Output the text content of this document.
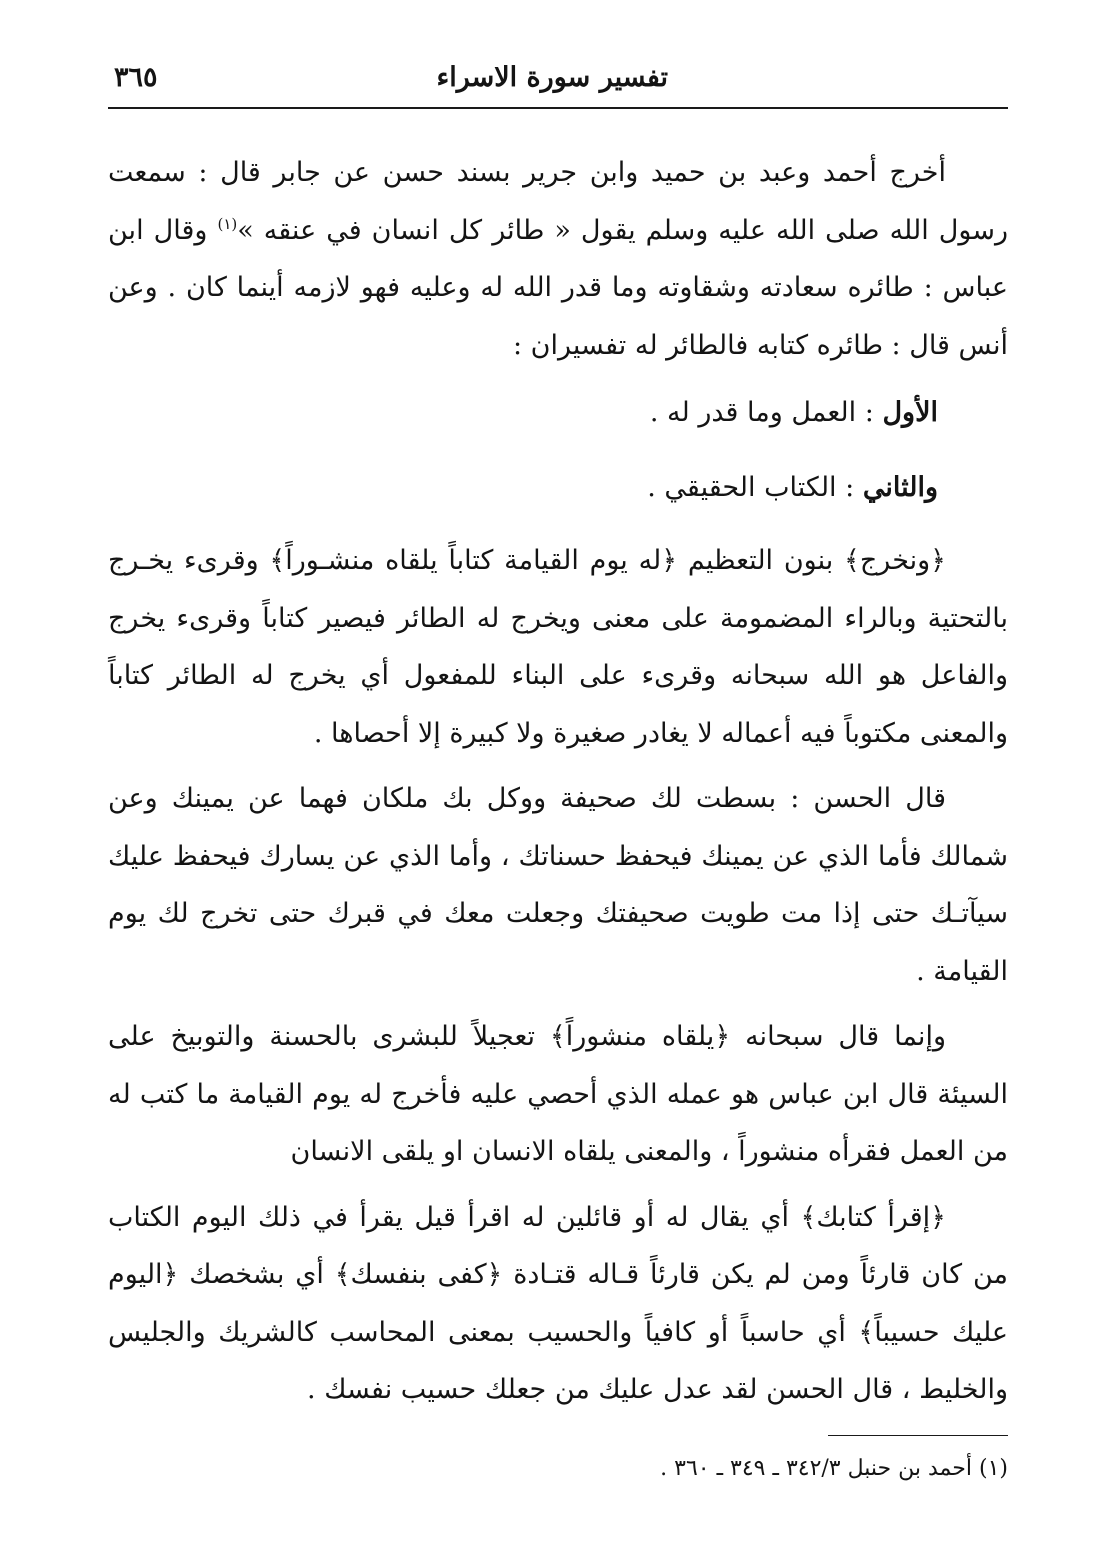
تفسير سورة الاسراء
٣٦٥

أخرج أحمد وعبد بن حميد وابن جرير بسند حسن عن جابر قال : سمعت رسول الله صلى الله عليه وسلم يقول « طائر كل انسان في عنقه »$^{(١)}$ وقال ابن عباس : طائره سعادته وشقاوته وما قدر الله له وعليه فهو لازمه أينما كان . وعن أنس قال : طائره كتابه فالطائر له تفسيران :

الأول : العمل وما قدر له .

والثاني : الكتاب الحقيقي .

﴿ونخرج﴾ بنون التعظيم ﴿له يوم القيامة كتاباً يلقاه منشـوراً﴾ وقرىء يخـرج بالتحتية وبالراء المضمومة على معنى ويخرج له الطائر فيصير كتاباً وقرىء يخرج والفاعل هو الله سبحانه وقرىء على البناء للمفعول أي يخرج له الطائر كتاباً والمعنى مكتوباً فيه أعماله لا يغادر صغيرة ولا كبيرة إلا أحصاها .

قال الحسن : بسطت لك صحيفة ووكل بك ملكان فهما عن يمينك وعن شمالك فأما الذي عن يمينك فيحفظ حسناتك ، وأما الذي عن يسارك فيحفظ عليك سيآتـك حتى إذا مت طويت صحيفتك وجعلت معك في قبرك حتى تخرج لك يوم القيامة .

وإنما قال سبحانه ﴿يلقاه منشوراً﴾ تعجيلاً للبشرى بالحسنة والتوبيخ على السيئة قال ابن عباس هو عمله الذي أحصي عليه فأخرج له يوم القيامة ما كتب له من العمل فقرأه منشوراً ، والمعنى يلقاه الانسان او يلقى الانسان

﴿إقرأ كتابك﴾ أي يقال له أو قائلين له اقرأ قيل يقرأ في ذلك اليوم الكتاب من كان قارئاً ومن لم يكن قارئاً قـاله قتـادة ﴿كفى بنفسك﴾ أي بشخصك ﴿اليوم عليك حسيباً﴾ أي حاسباً أو كافياً والحسيب بمعنى المحاسب كالشريك والجليس والخليط ، قال الحسن لقد عدل عليك من جعلك حسيب نفسك .

(١) أحمد بن حنبل ٣٤٢/٣ ـ ٣٤٩ ـ ٣٦٠ .
